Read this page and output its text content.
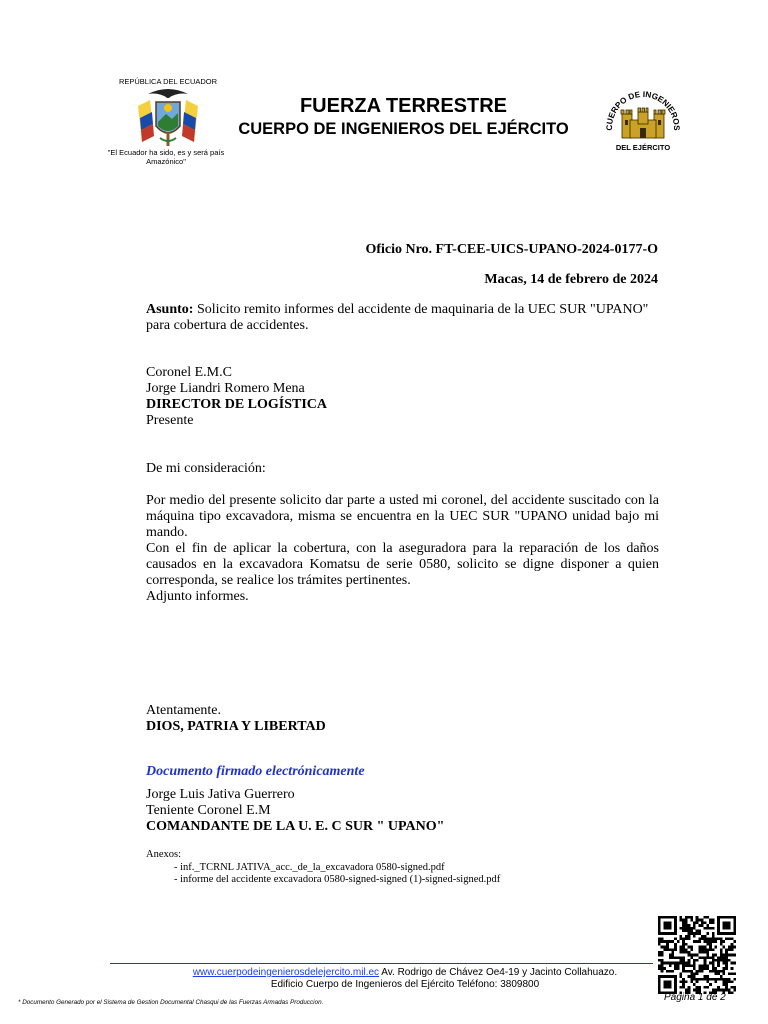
REPÚBLICA DEL ECUADOR
"El Ecuador ha sido, es y será país Amazónico"
FUERZA TERRESTRE
CUERPO DE INGENIEROS DEL EJÉRCITO	CUERPO DE INGENIEROS
DEL EJÉRCITO
Oficio Nro. FT-CEE-UICS-UPANO-2024-0177-O
Macas, 14 de febrero de 2024
Asunto: Solicito remito informes del accidente de maquinaria de la UEC SUR "UPANO" para cobertura de accidentes.
Coronel E.M.C
Jorge Liandri Romero Mena
DIRECTOR DE LOGÍSTICA
Presente
De mi consideración:

Por medio del presente solicito dar parte a usted mi coronel, del accidente suscitado con la máquina tipo excavadora, misma se encuentra en la UEC SUR "UPANO unidad bajo mi mando.

Con el fin de aplicar la cobertura, con la aseguradora para la reparación de los daños causados en la excavadora Komatsu de serie 0580, solicito se digne disponer a quien corresponda, se realice los trámites pertinentes.

Adjunto informes.

Atentamente.
DIOS, PATRIA Y LIBERTAD
Documento firmado electrónicamente
Jorge Luis Jativa Guerrero
Teniente Coronel E.M
COMANDANTE DE LA U. E. C SUR " UPANO"
Anexos:
- inf._TCRNL JATIVA_acc._de_la_excavadora 0580-signed.pdf
- informe del accidente excavadora 0580-signed-signed (1)-signed-signed.pdf
www.cuerpodeingenierosdelejercito.mil.ec Av. Rodrigo de Chávez Oe4-19 y Jacinto Collahuazo.
Edificio Cuerpo de Ingenieros del Ejército Teléfono: 3809800
Página 1 de 2
* Documento Generado por el Sistema de Gestion Documental Chasqui de las Fuerzas Armadas Produccion.
